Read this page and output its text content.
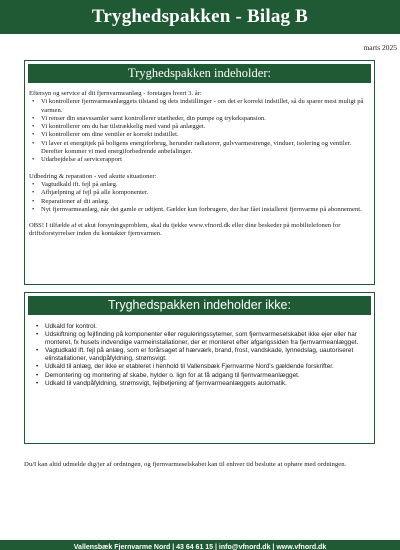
Tryghedspakken - Bilag B
marts 2025
Tryghedspakken indeholder:

Eftersyn og service af dit fjernvarmeanlæg - foretages hvert 3. år:

• Vi kontrollerer fjernvarmeanlæggets tilstand og dets indstillinger - om det er korrekt indstillet, så du sparer mest muligt på varmen.
• Vi renser din snavssamler samt kontrollerer utætheder, din pumpe og trykekspansion.
• Vi kontrollerer om du har tilstrækkelig med vand på anlægget.
• Vi kontrollerer om dine ventiler er korrekt indstillet.
• Vi laver et energitjek på boligens energiforbrug, herunder radiatorer, gulvvarmestrenge, vinduer, isolering og ventiler. Derefter kommer vi med energiforbedrende anbefalinger.
• Udarbejdelse af servicerapport

Udbedring & reparation - ved akutte situationer:

• Vagtudkald ift. fejl på anlæg.
• Afhjælpning af fejl på alle komponenter.
• Reparationer af dit anlæg.
• Nyt fjernvarmeanlæg, når det gamle er udtjent. Gælder kun forbrugere, der har fået installeret fjernvarme på abonnement.

OBS! I tilfælde af et akut forsyningsproblem, skal du tjekke www.vfnord.dk eller dine beskeder på mobiltelefonen for driftsforstyrrelser inden du kontakter fjernvarmen.

Tryghedspakken indeholder ikke:
• Udkald for kontrol.
• Udskiftning og fejlfinding på komponenter eller reguleringssytemer, som fjernvarmeselskabet ikke ejer eller har monteret, fx husets indvendige varmeinstallationer, der er monteret efter afgangssiden fra fjernvarmeanlægget.
• Vagtudkald ift. fejl på anlæg, som er forårsaget af hærværk, brand, frost, vandskade, lynnedslag, uautoriseret elinstallationer, vandpåfyldning, strømsvigt.
• Udkald til anlæg, der ikke er etableret i henhold til Vallensbæk Fjernvarme Nord's gældende forskrifter.
• Demontering og montering af skabe, hylder o. lign for at få adgang til fjernvarmeanlægget.
• Udkald til vandpåfyldning, strømsvigt, fejlbetjening af fjernvarmeanlæggets automatik.

Du/I kan altid udmelde dig/jer af ordningen, og fjernvarmeselskabet kan til enhver tid beslutte at ophøre med ordningen.

Vallensbæk Fjernvarme Nord | 43 64 61 15 | info@vfnord.dk | www.vfnord.dk
